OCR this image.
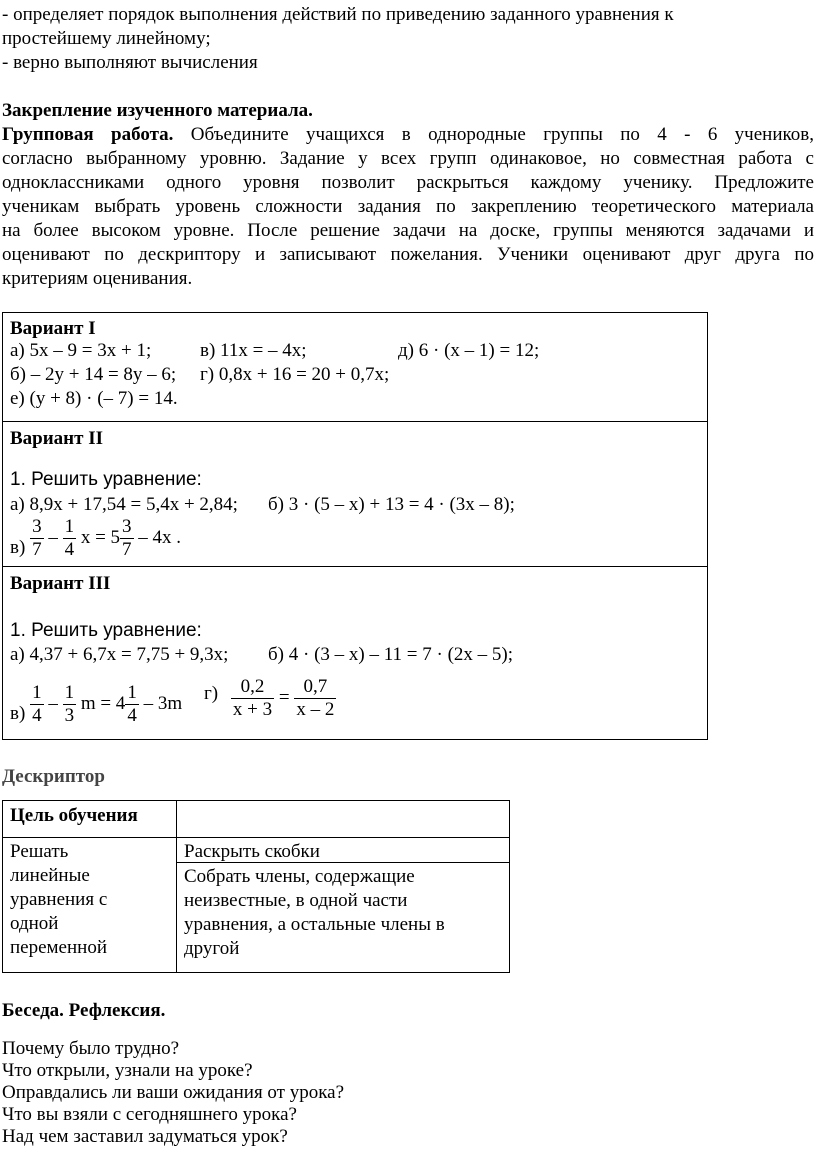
- определяет порядок выполнения действий по приведению заданного уравнения к
простейшему линейному;
- верно выполняют вычисления
Закрепление изученного материала.
Групповая работа. Объедините учащихся в однородные группы по 4 - 6 учеников,
согласно выбранному уровню. Задание у всех групп одинаковое, но совместная работа с
одноклассниками одного уровня позволит раскрыться каждому ученику. Предложите
ученикам выбрать уровень сложности задания по закреплению теоретического материала
на более высоком уровне. После решение задачи на доске, группы меняются задачами и
оценивают по дескриптору и записывают пожелания. Ученики оценивают друг друга по
критериям оценивания.
Вариант I
а) 5x – 9 = 3x + 1;	в) 11x = – 4x;	д) 6 · (x – 1) = 12;
б) – 2y + 14 = 8y – 6; г) 0,8x + 16 = 20 + 0,7x;
е) (y + 8) · (– 7) = 14.
Вариант II
1. Решить уравнение:
а) 8,9x + 17,54 = 5,4x + 2,84; б) 3 · (5 – x) + 13 = 4 · (3x – 8);
$в) \frac{3}{7} - \frac{1}{4}$ $x = 5 \frac{3}{7} - 4x$ .
Вариант III
1. Решить уравнение:
а) 4,37 + 6,7x = 7,75 + 9,3x; б) 4 · (3 – x) – 11 = 7 · (2x – 5);
$в) \frac{1}{4} - \frac{1}{3}$ $m = 4 \frac{1}{4} - 3m$ $г) \frac{0,2}{x + 3} = \frac{0,7}{x - 2}$
Дескриптор
Цель обучения
Решать
линейные
уравнения с
одной
переменной
Раскрыть скобки
Собрать члены, содержащие
неизвестные, в одной части
уравнения, а остальные члены в
другой
Беседа. Рефлексия.
Почему было трудно?
Что открыли, узнали на уроке?
Оправдались ли ваши ожидания от урока?
Что вы взяли с сегодняшнего урока?
Над чем заставил задуматься урок?
